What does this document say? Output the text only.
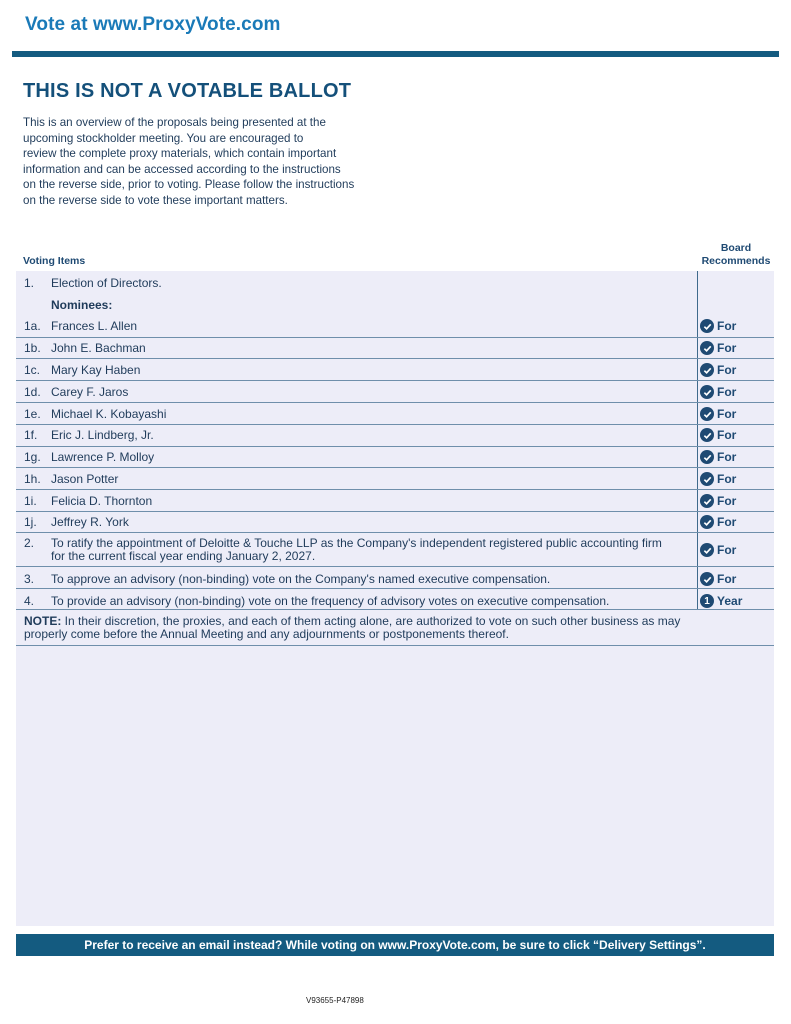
Vote at www.ProxyVote.com
THIS IS NOT A VOTABLE BALLOT
This is an overview of the proposals being presented at the
upcoming stockholder meeting. You are encouraged to
review the complete proxy materials, which contain important
information and can be accessed according to the instructions
on the reverse side, prior to voting. Please follow the instructions
on the reverse side to vote these important matters.
Voting Items
Board
Recommends
1. Election of Directors.
Nominees:
1a. Frances L. Allen	For
1b. John E. Bachman	For
1c. Mary Kay Haben	For
1d. Carey F. Jaros	For
1e. Michael K. Kobayashi	For
1f. Eric J. Lindberg, Jr.	For
1g. Lawrence P. Molloy	For
1h. Jason Potter	For
1i. Felicia D. Thornton	For
1j. Jeffrey R. York	For
2. To ratify the appointment of Deloitte & Touche LLP as the Company's independent registered public accounting firm
for the current fiscal year ending January 2, 2027.	For
3. To approve an advisory (non-binding) vote on the Company's named executive compensation.	For
4. To provide an advisory (non-binding) vote on the frequency of advisory votes on executive compensation.	1 Year
NOTE: In their discretion, the proxies, and each of them acting alone, are authorized to vote on such other business as may
properly come before the Annual Meeting and any adjournments or postponements thereof.
Prefer to receive an email instead? While voting on www.ProxyVote.com, be sure to click “Delivery Settings”.
V93655-P47898
